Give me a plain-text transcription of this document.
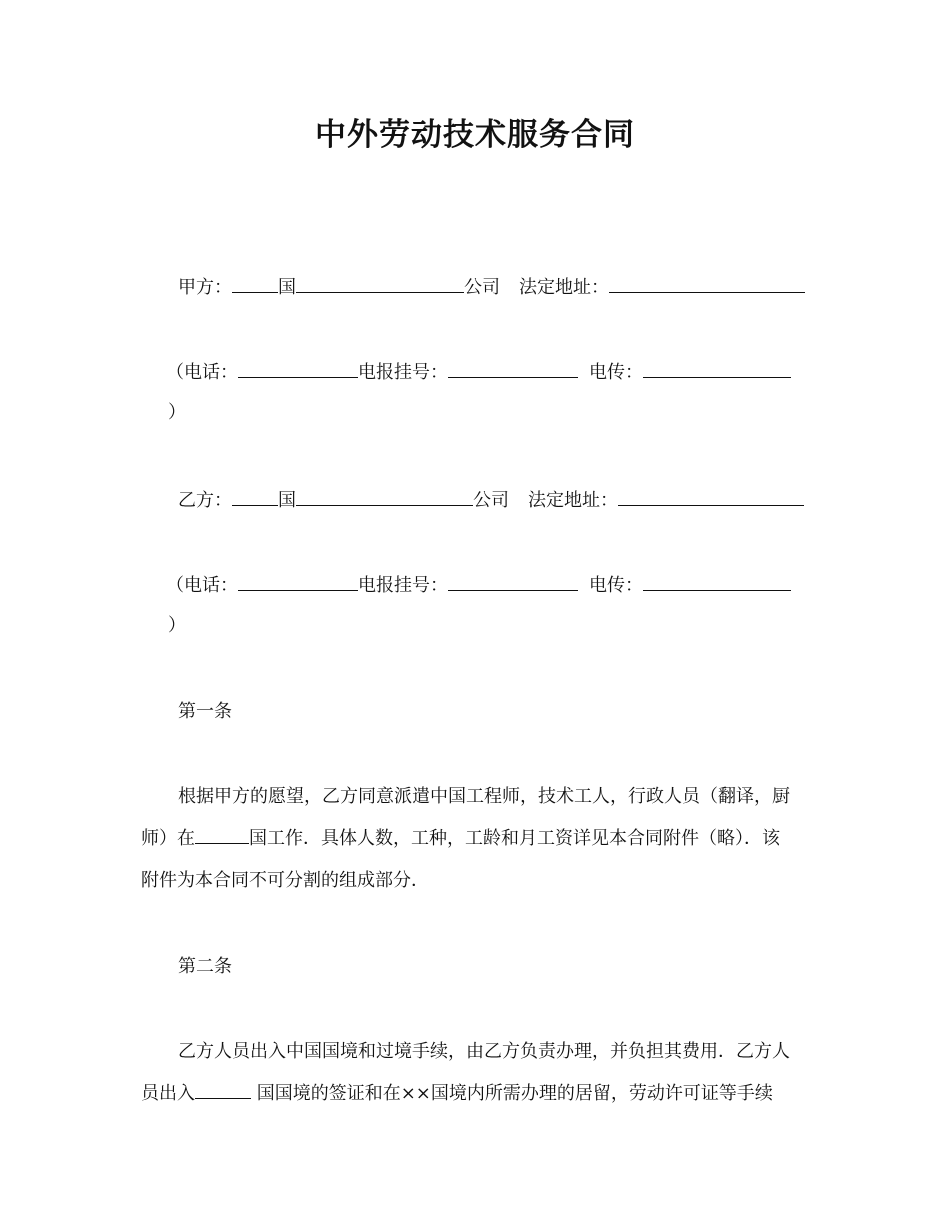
中外劳动技术服务合同
甲方：	国	公司 法定地址：
（电话：	电报挂号：	电传：
）
乙方：	国	公司 法定地址：
（电话：	电报挂号：	电传：
）
第一条
根据甲方的愿望，乙方同意派遣中国工程师，技术工人，行政人员（翻译，厨
师）在	国工作．具体人数，工种，工龄和月工资详见本合同附件（略）．该
附件为本合同不可分割的组成部分．
第二条
乙方人员出入中国国境和过境手续，由乙方负责办理，并负担其费用．乙方人
员出入	国国境的签证和在××国境内所需办理的居留，劳动许可证等手续
